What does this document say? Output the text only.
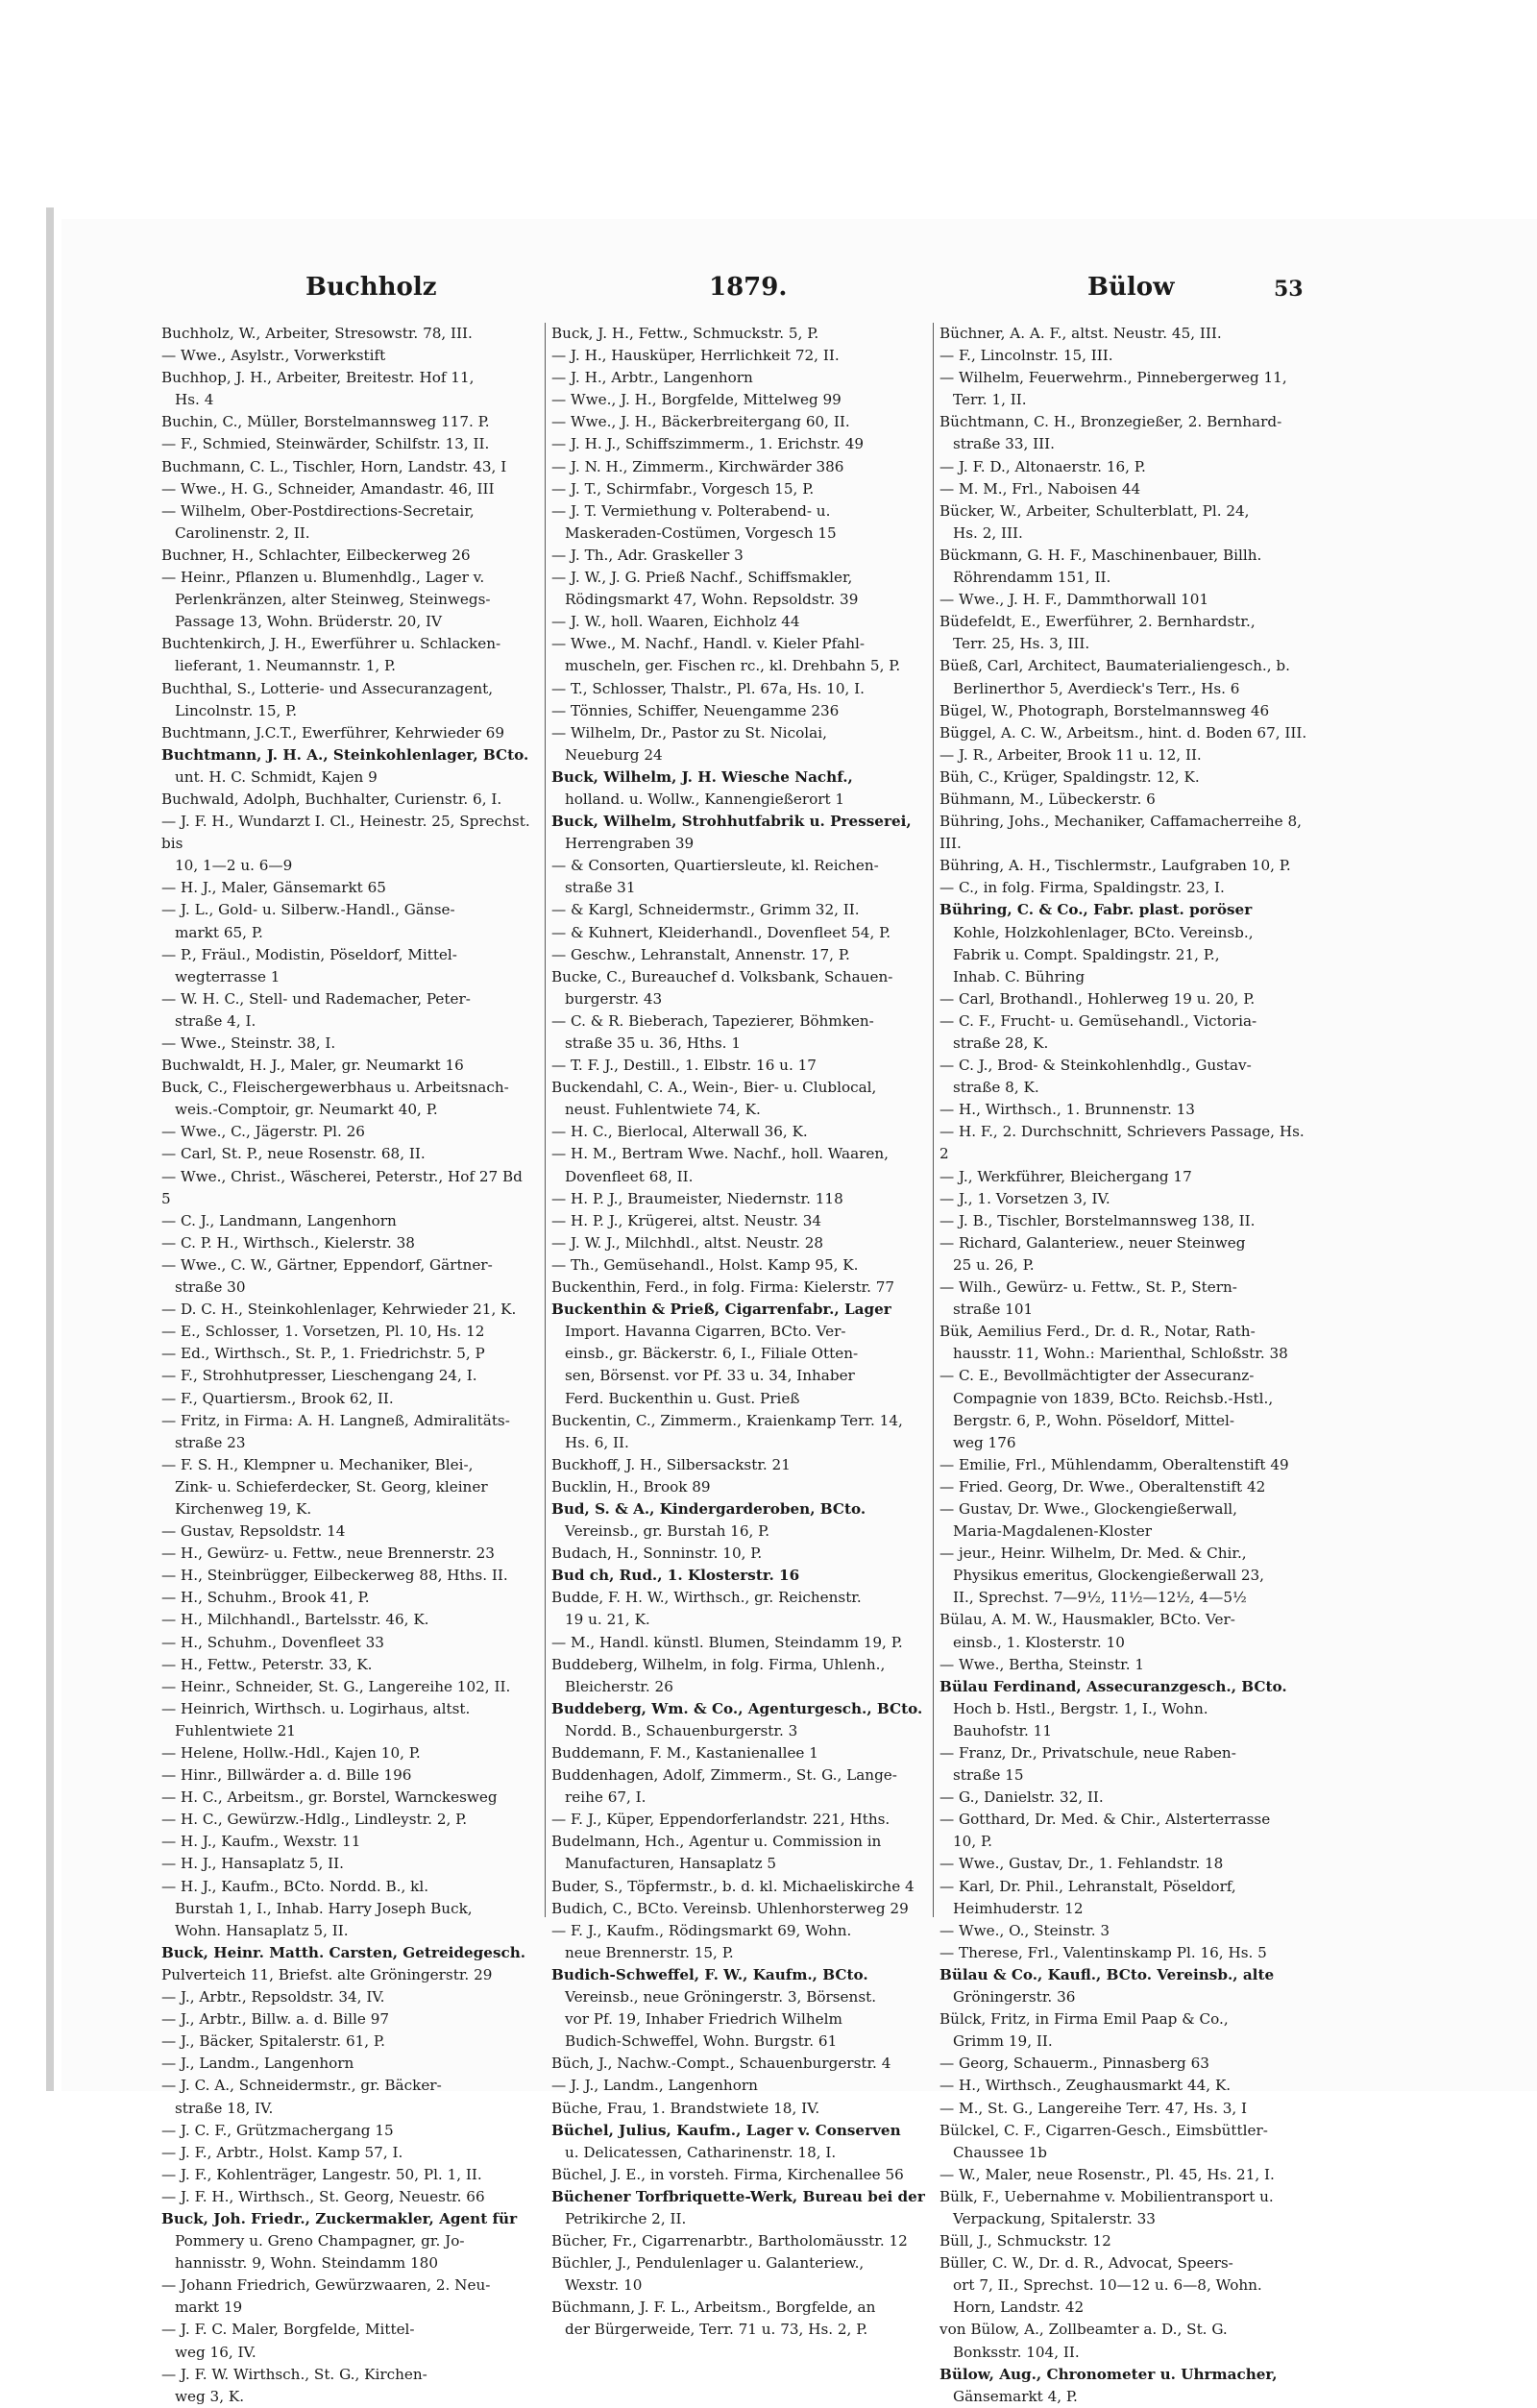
Buchholz	1879.	Bülow	53

Buchholz, W., Arbeiter, Stresowstr. 78, III.

— Wwe., Asylstr., Vorwerkstift

Buchhop, J. H., Arbeiter, Breitestr. Hof 11,

Hs. 4

Buchin, C., Müller, Borstelmannsweg 117. P.

— F., Schmied, Steinwärder, Schilfstr. 13, II.

Buchmann, C. L., Tischler, Horn, Landstr. 43, I

— Wwe., H. G., Schneider, Amandastr. 46, III

— Wilhelm, Ober-Postdirections-Secretair,

Carolinenstr. 2, II.

Buchner, H., Schlachter, Eilbeckerweg 26

— Heinr., Pflanzen u. Blumenhdlg., Lager v.

Perlenkränzen, alter Steinweg, Steinwegs-

Passage 13, Wohn. Brüderstr. 20, IV

Buchtenkirch, J. H., Ewerführer u. Schlacken-

lieferant, 1. Neumannstr. 1, P.

Buchthal, S., Lotterie- und Assecuranzagent,

Lincolnstr. 15, P.

Buchtmann, J.C.T., Ewerführer, Kehrwieder 69

Buchtmann, J. H. A., Steinkohlenlager, BCto.

unt. H. C. Schmidt, Kajen 9

Buchwald, Adolph, Buchhalter, Curienstr. 6, I.

— J. F. H., Wundarzt I. Cl., Heinestr. 25, Sprechst. bis

10, 1—2 u. 6—9

— H. J., Maler, Gänsemarkt 65

— J. L., Gold- u. Silberw.-Handl., Gänse-

markt 65, P.

— P., Fräul., Modistin, Pöseldorf, Mittel-

wegterrasse 1

— W. H. C., Stell- und Rademacher, Peter-

straße 4, I.

— Wwe., Steinstr. 38, I.

Buchwaldt, H. J., Maler, gr. Neumarkt 16

Buck, C., Fleischergewerbhaus u. Arbeitsnach-

weis.-Comptoir, gr. Neumarkt 40, P.

— Wwe., C., Jägerstr. Pl. 26

— Carl, St. P., neue Rosenstr. 68, II.

— Wwe., Christ., Wäscherei, Peterstr., Hof 27 Bd 5

— C. J., Landmann, Langenhorn

— C. P. H., Wirthsch., Kielerstr. 38

— Wwe., C. W., Gärtner, Eppendorf, Gärtner-

straße 30

— D. C. H., Steinkohlenlager, Kehrwieder 21, K.

— E., Schlosser, 1. Vorsetzen, Pl. 10, Hs. 12

— Ed., Wirthsch., St. P., 1. Friedrichstr. 5, P

— F., Strohhutpresser, Lieschengang 24, I.

— F., Quartiersm., Brook 62, II.

— Fritz, in Firma: A. H. Langneß, Admiralitäts-

straße 23

— F. S. H., Klempner u. Mechaniker, Blei-,

Zink- u. Schieferdecker, St. Georg, kleiner

Kirchenweg 19, K.

— Gustav, Repsoldstr. 14

— H., Gewürz- u. Fettw., neue Brennerstr. 23

— H., Steinbrügger, Eilbeckerweg 88, Hths. II.

— H., Schuhm., Brook 41, P.

— H., Milchhandl., Bartelsstr. 46, K.

— H., Schuhm., Dovenfleet 33

— H., Fettw., Peterstr. 33, K.

— Heinr., Schneider, St. G., Langereihe 102, II.

— Heinrich, Wirthsch. u. Logirhaus, altst.

Fuhlentwiete 21

— Helene, Hollw.-Hdl., Kajen 10, P.

— Hinr., Billwärder a. d. Bille 196

— H. C., Arbeitsm., gr. Borstel, Warnckesweg

— H. C., Gewürzw.-Hdlg., Lindleystr. 2, P.

— H. J., Kaufm., Wexstr. 11

— H. J., Hansaplatz 5, II.

— H. J., Kaufm., BCto. Nordd. B., kl.

Burstah 1, I., Inhab. Harry Joseph Buck,

Wohn. Hansaplatz 5, II.

Buck, Heinr. Matth. Carsten, Getreidegesch.

Pulverteich 11, Briefst. alte Gröningerstr. 29

— J., Arbtr., Repsoldstr. 34, IV.

— J., Arbtr., Billw. a. d. Bille 97

— J., Bäcker, Spitalerstr. 61, P.

— J., Landm., Langenhorn

— J. C. A., Schneidermstr., gr. Bäcker-

straße 18, IV.

— J. C. F., Grützmachergang 15

— J. F., Arbtr., Holst. Kamp 57, I.

— J. F., Kohlenträger, Langestr. 50, Pl. 1, II.

— J. F. H., Wirthsch., St. Georg, Neuestr. 66

Buck, Joh. Friedr., Zuckermakler, Agent für

Pommery u. Greno Champagner, gr. Jo-

hannisstr. 9, Wohn. Steindamm 180

— Johann Friedrich, Gewürzwaaren, 2. Neu-

markt 19

— J. F. C. Maler, Borgfelde, Mittel-

weg 16, IV.

— J. F. W. Wirthsch., St. G., Kirchen-

weg 3, K.

Buck, J. H., Fettw., Schmuckstr. 5, P.

— J. H., Hausküper, Herrlichkeit 72, II.

— J. H., Arbtr., Langenhorn

— Wwe., J. H., Borgfelde, Mittelweg 99

— Wwe., J. H., Bäckerbreitergang 60, II.

— J. H. J., Schiffszimmerm., 1. Erichstr. 49

— J. N. H., Zimmerm., Kirchwärder 386

— J. T., Schirmfabr., Vorgesch 15, P.

— J. T. Vermiethung v. Polterabend- u.

Maskeraden-Costümen, Vorgesch 15

— J. Th., Adr. Graskeller 3

— J. W., J. G. Prieß Nachf., Schiffsmakler,

Rödingsmarkt 47, Wohn. Repsoldstr. 39

— J. W., holl. Waaren, Eichholz 44

— Wwe., M. Nachf., Handl. v. Kieler Pfahl-

muscheln, ger. Fischen rc., kl. Drehbahn 5, P.

— T., Schlosser, Thalstr., Pl. 67a, Hs. 10, I.

— Tönnies, Schiffer, Neuengamme 236

— Wilhelm, Dr., Pastor zu St. Nicolai,

Neueburg 24

Buck, Wilhelm, J. H. Wiesche Nachf.,

holland. u. Wollw., Kannengießerort 1

Buck, Wilhelm, Strohhutfabrik u. Presserei,

Herrengraben 39

— & Consorten, Quartiersleute, kl. Reichen-

straße 31

— & Kargl, Schneidermstr., Grimm 32, II.

— & Kuhnert, Kleiderhandl., Dovenfleet 54, P.

— Geschw., Lehranstalt, Annenstr. 17, P.

Bucke, C., Bureauchef d. Volksbank, Schauen-

burgerstr. 43

— C. & R. Bieberach, Tapezierer, Böhmken-

straße 35 u. 36, Hths. 1

— T. F. J., Destill., 1. Elbstr. 16 u. 17

Buckendahl, C. A., Wein-, Bier- u. Clublocal,

neust. Fuhlentwiete 74, K.

— H. C., Bierlocal, Alterwall 36, K.

— H. M., Bertram Wwe. Nachf., holl. Waaren,

Dovenfleet 68, II.

— H. P. J., Braumeister, Niedernstr. 118

— H. P. J., Krügerei, altst. Neustr. 34

— J. W. J., Milchhdl., altst. Neustr. 28

— Th., Gemüsehandl., Holst. Kamp 95, K.

Buckenthin, Ferd., in folg. Firma: Kielerstr. 77

Buckenthin & Prieß, Cigarrenfabr., Lager

Import. Havanna Cigarren, BCto. Ver-

einsb., gr. Bäckerstr. 6, I., Filiale Otten-

sen, Börsenst. vor Pf. 33 u. 34, Inhaber

Ferd. Buckenthin u. Gust. Prieß

Buckentin, C., Zimmerm., Kraienkamp Terr. 14,

Hs. 6, II.

Buckhoff, J. H., Silbersackstr. 21

Bucklin, H., Brook 89

Bud, S. & A., Kindergarderoben, BCto.

Vereinsb., gr. Burstah 16, P.

Budach, H., Sonninstr. 10, P.

Bud ch, Rud., 1. Klosterstr. 16

Budde, F. H. W., Wirthsch., gr. Reichenstr.

19 u. 21, K.

— M., Handl. künstl. Blumen, Steindamm 19, P.

Buddeberg, Wilhelm, in folg. Firma, Uhlenh.,

Bleicherstr. 26

Buddeberg, Wm. & Co., Agenturgesch., BCto.

Nordd. B., Schauenburgerstr. 3

Buddemann, F. M., Kastanienallee 1

Buddenhagen, Adolf, Zimmerm., St. G., Lange-

reihe 67, I.

— F. J., Küper, Eppendorferlandstr. 221, Hths.

Budelmann, Hch., Agentur u. Commission in

Manufacturen, Hansaplatz 5

Buder, S., Töpfermstr., b. d. kl. Michaeliskirche 4

Budich, C., BCto. Vereinsb. Uhlenhorsterweg 29

— F. J., Kaufm., Rödingsmarkt 69, Wohn.

neue Brennerstr. 15, P.

Budich-Schweffel, F. W., Kaufm., BCto.

Vereinsb., neue Gröningerstr. 3, Börsenst.

vor Pf. 19, Inhaber Friedrich Wilhelm

Budich-Schweffel, Wohn. Burgstr. 61

Büch, J., Nachw.-Compt., Schauenburgerstr. 4

— J. J., Landm., Langenhorn

Büche, Frau, 1. Brandstwiete 18, IV.

Büchel, Julius, Kaufm., Lager v. Conserven

u. Delicatessen, Catharinenstr. 18, I.

Büchel, J. E., in vorsteh. Firma, Kirchenallee 56

Büchener Torfbriquette-Werk, Bureau bei der

Petrikirche 2, II.

Bücher, Fr., Cigarrenarbtr., Bartholomäusstr. 12

Büchler, J., Pendulenlager u. Galanteriew.,

Wexstr. 10

Büchmann, J. F. L., Arbeitsm., Borgfelde, an

der Bürgerweide, Terr. 71 u. 73, Hs. 2, P.

Büchner, A. A. F., altst. Neustr. 45, III.

— F., Lincolnstr. 15, III.

— Wilhelm, Feuerwehrm., Pinnebergerweg 11,

Terr. 1, II.

Büchtmann, C. H., Bronzegießer, 2. Bernhard-

straße 33, III.

— J. F. D., Altonaerstr. 16, P.

— M. M., Frl., Naboisen 44

Bücker, W., Arbeiter, Schulterblatt, Pl. 24,

Hs. 2, III.

Bückmann, G. H. F., Maschinenbauer, Billh.

Röhrendamm 151, II.

— Wwe., J. H. F., Dammthorwall 101

Büdefeldt, E., Ewerführer, 2. Bernhardstr.,

Terr. 25, Hs. 3, III.

Büeß, Carl, Architect, Baumaterialiengesch., b.

Berlinerthor 5, Averdieck's Terr., Hs. 6

Bügel, W., Photograph, Borstelmannsweg 46

Büggel, A. C. W., Arbeitsm., hint. d. Boden 67, III.

— J. R., Arbeiter, Brook 11 u. 12, II.

Büh, C., Krüger, Spaldingstr. 12, K.

Bühmann, M., Lübeckerstr. 6

Bühring, Johs., Mechaniker, Caffamacherreihe 8, III.

Bühring, A. H., Tischlermstr., Laufgraben 10, P.

— C., in folg. Firma, Spaldingstr. 23, I.

Bühring, C. & Co., Fabr. plast. poröser

Kohle, Holzkohlenlager, BCto. Vereinsb.,

Fabrik u. Compt. Spaldingstr. 21, P.,

Inhab. C. Bühring

— Carl, Brothandl., Hohlerweg 19 u. 20, P.

— C. F., Frucht- u. Gemüsehandl., Victoria-

straße 28, K.

— C. J., Brod- & Steinkohlenhdlg., Gustav-

straße 8, K.

— H., Wirthsch., 1. Brunnenstr. 13

— H. F., 2. Durchschnitt, Schrievers Passage, Hs. 2

— J., Werkführer, Bleichergang 17

— J., 1. Vorsetzen 3, IV.

— J. B., Tischler, Borstelmannsweg 138, II.

— Richard, Galanteriew., neuer Steinweg

25 u. 26, P.

— Wilh., Gewürz- u. Fettw., St. P., Stern-

straße 101

Bük, Aemilius Ferd., Dr. d. R., Notar, Rath-

hausstr. 11, Wohn.: Marienthal, Schloßstr. 38

— C. E., Bevollmächtigter der Assecuranz-

Compagnie von 1839, BCto. Reichsb.-Hstl.,

Bergstr. 6, P., Wohn. Pöseldorf, Mittel-

weg 176

— Emilie, Frl., Mühlendamm, Oberaltenstift 49

— Fried. Georg, Dr. Wwe., Oberaltenstift 42

— Gustav, Dr. Wwe., Glockengießerwall,

Maria-Magdalenen-Kloster

— jeur., Heinr. Wilhelm, Dr. Med. & Chir.,

Physikus emeritus, Glockengießerwall 23,

II., Sprechst. 7—9½, 11½—12½, 4—5½

Bülau, A. M. W., Hausmakler, BCto. Ver-

einsb., 1. Klosterstr. 10

— Wwe., Bertha, Steinstr. 1

Bülau Ferdinand, Assecuranzgesch., BCto.

Hoch b. Hstl., Bergstr. 1, I., Wohn.

Bauhofstr. 11

— Franz, Dr., Privatschule, neue Raben-

straße 15

— G., Danielstr. 32, II.

— Gotthard, Dr. Med. & Chir., Alsterterrasse

10, P.

— Wwe., Gustav, Dr., 1. Fehlandstr. 18

— Karl, Dr. Phil., Lehranstalt, Pöseldorf,

Heimhuderstr. 12

— Wwe., O., Steinstr. 3

— Therese, Frl., Valentinskamp Pl. 16, Hs. 5

Bülau & Co., Kaufl., BCto. Vereinsb., alte

Gröningerstr. 36

Bülck, Fritz, in Firma Emil Paap & Co.,

Grimm 19, II.

— Georg, Schauerm., Pinnasberg 63

— H., Wirthsch., Zeughausmarkt 44, K.

— M., St. G., Langereihe Terr. 47, Hs. 3, I

Bülckel, C. F., Cigarren-Gesch., Eimsbüttler-

Chaussee 1b

— W., Maler, neue Rosenstr., Pl. 45, Hs. 21, I.

Bülk, F., Uebernahme v. Mobilientransport u.

Verpackung, Spitalerstr. 33

Büll, J., Schmuckstr. 12

Büller, C. W., Dr. d. R., Advocat, Speers-

ort 7, II., Sprechst. 10—12 u. 6—8, Wohn.

Horn, Landstr. 42

von Bülow, A., Zollbeamter a. D., St. G.

Bonksstr. 104, II.

Bülow, Aug., Chronometer u. Uhrmacher,

Gänsemarkt 4, P.
